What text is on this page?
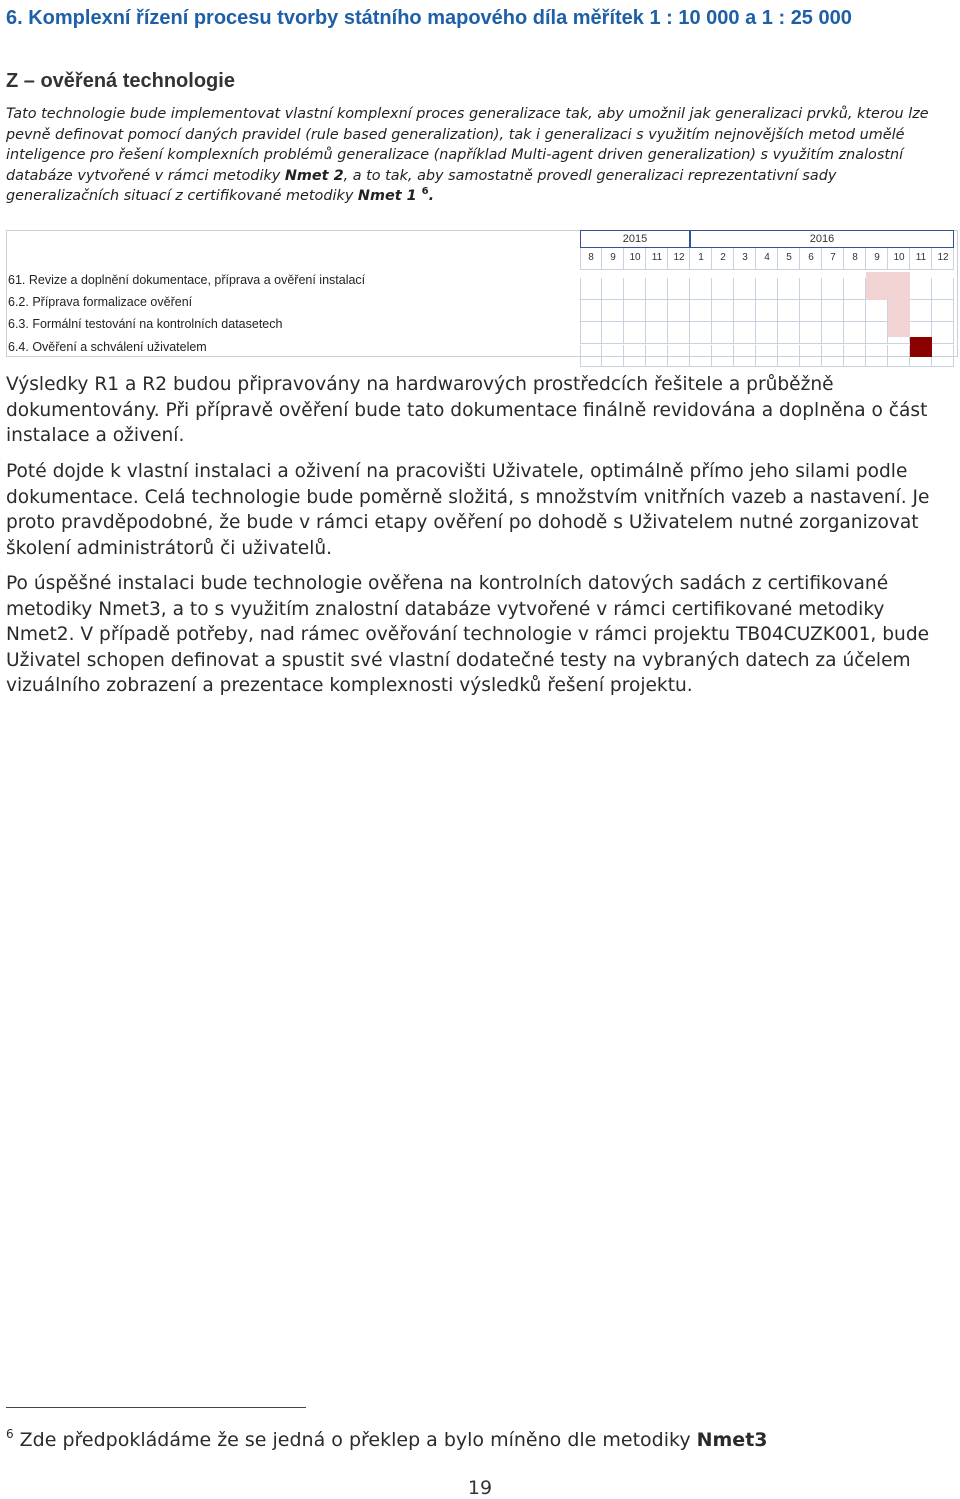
6. Komplexní řízení procesu tvorby státního mapového díla měřítek 1 : 10 000 a 1 : 25 000
Z – ověřená technologie

Tato technologie bude implementovat vlastní komplexní proces generalizace tak, aby umožnil jak generalizaci prvků, kterou lze pevně definovat pomocí daných pravidel (rule based generalization), tak i generalizaci s využitím nejnovějších metod umělé inteligence pro řešení komplexních problémů generalizace (například Multi-agent driven generalization) s využitím znalostní databáze vytvořené v rámci metodiky Nmet 2, a to tak, aby samostatně provedl generalizaci reprezentativní sady generalizačních situací z certifikované metodiky Nmet 1 $^6$.

2015	2016
8	9	10	11	12	1	2	3	4	5	6	7	8	9	10	11	12
61. Revize a doplnění dokumentace, příprava a ověření instalací
6.2. Příprava formalizace ověření
6.3. Formální testování na kontrolních datasetech
6.4. Ověření a schválení uživatelem

Výsledky R1 a R2 budou připravovány na hardwarových prostředcích řešitele a průběžně dokumentovány. Při přípravě ověření bude tato dokumentace finálně revidována a doplněna o část instalace a oživení.

Poté dojde k vlastní instalaci a oživení na pracovišti Uživatele, optimálně přímo jeho silami podle dokumentace. Celá technologie bude poměrně složitá, s množstvím vnitřních vazeb a nastavení. Je proto pravděpodobné, že bude v rámci etapy ověření po dohodě s Uživatelem nutné zorganizovat školení administrátorů či uživatelů.

Po úspěšné instalaci bude technologie ověřena na kontrolních datových sadách z certifikované metodiky Nmet3, a to s využitím znalostní databáze vytvořené v rámci certifikované metodiky Nmet2. V případě potřeby, nad rámec ověřování technologie v rámci projektu TB04CUZK001, bude Uživatel schopen definovat a spustit své vlastní dodatečné testy na vybraných datech za účelem vizuálního zobrazení a prezentace komplexnosti výsledků řešení projektu.

$^6$ Zde předpokládáme že se jedná o překlep a bylo míněno dle metodiky Nmet3
19
